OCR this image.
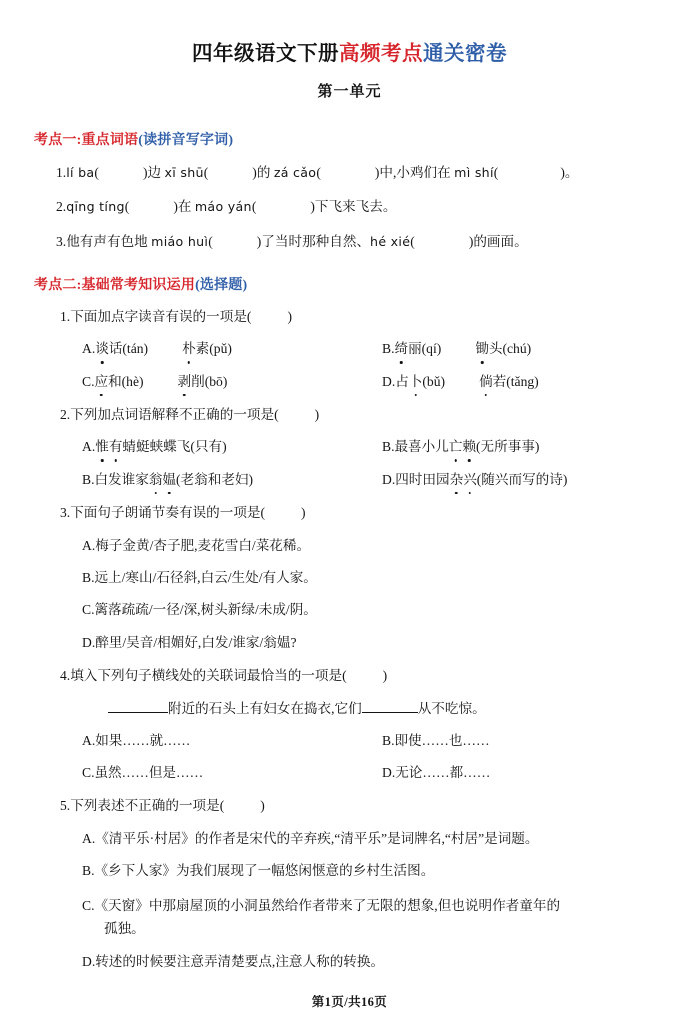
四年级语文下册高频考点通关密卷
第一单元
考点一:重点词语(读拼音写字词)
1.lí ba(	)边 xī shū(	)的 zá cǎo(	)中,小鸡们在 mì shí(	)。
2.qīng tíng(	)在 máo yán(	)下飞来飞去。
3.他有声有色地 miáo huì(	)了当时那种自然、hé xié(	)的画面。
考点二:基础常考知识运用(选择题)
1.下面加点字读音有误的一项是(	)
A. 谈 话(tán)	朴 素(pǔ)	B. 绮 丽(qí)	锄 头(chú)
C. 应 和(hè)	剥 削(bō)	D. 占 卜 (bǔ)	倘 若(tǎng)
2.下列加点词语解释不正确的一项是(	)
A. 惟有 蜻蜓蛱蝶飞(只有)	B. 最喜小儿 亡赖 (无所事事)
B. 白发谁家 翁媪 (老翁和老妇)	D. 四时田园 杂兴 (随兴而写的诗)
3.下面句子朗诵节奏有误的一项是(	)
A.梅子金黄/杏子肥,麦花雪白/菜花稀。
B.远上/寒山/石径斜,白云/生处/有人家。
C.篱落疏疏/一径/深,树头新绿/未成/阴。
D.醉里/吴音/相媚好,白发/谁家/翁媪?
4.填入下列句子横线处的关联词最恰当的一项是(	)
附近的石头上有妇女在捣衣,它们	从不吃惊。
A. 如果……就……	B. 即使……也……
C. 虽然……但是……	D. 无论……都……
5.下列表述不正确的一项是(	)
A.《清平乐·村居》的作者是宋代的辛弃疾,“清平乐”是词牌名,“村居”是词题。
B.《乡下人家》为我们展现了一幅悠闲惬意的乡村生活图。
C.《天窗》中那扇屋顶的小洞虽然给作者带来了无限的想象,但也说明作者童年的
孤独。
D.转述的时候要注意弄清楚要点,注意人称的转换。
第1页/共16页
